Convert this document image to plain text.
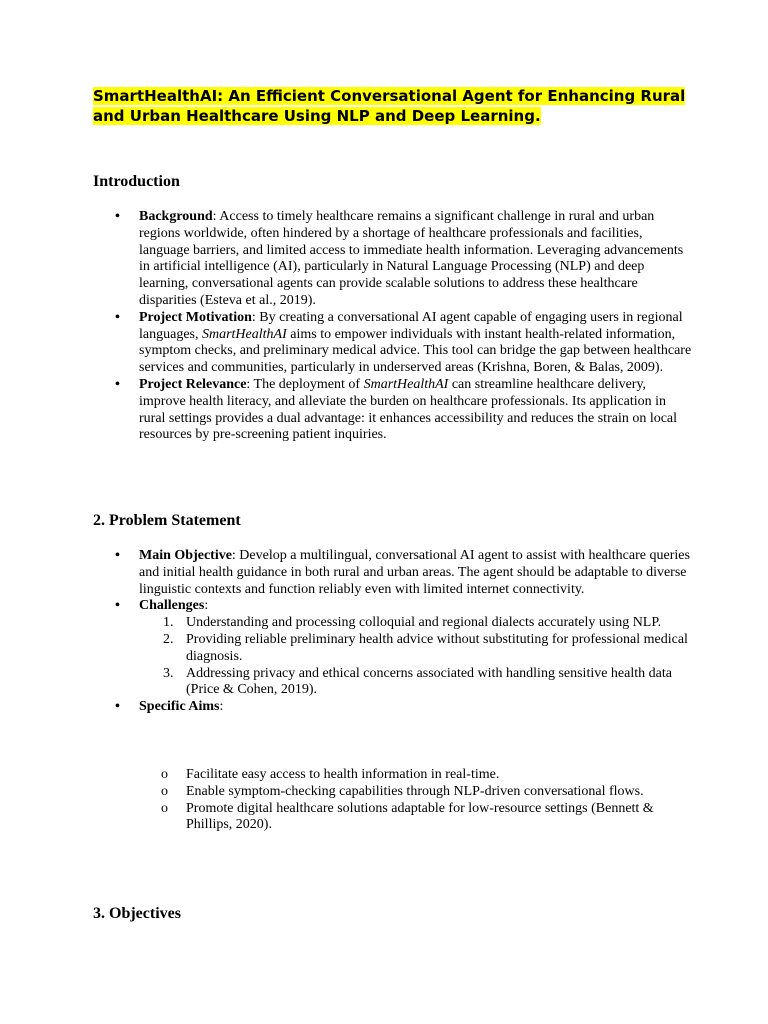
SmartHealthAI: An Efficient Conversational Agent for Enhancing Rural and Urban Healthcare Using NLP and Deep Learning.

Introduction
• Background: Access to timely healthcare remains a significant challenge in rural and urban regions worldwide, often hindered by a shortage of healthcare professionals and facilities, language barriers, and limited access to immediate health information. Leveraging advancements in artificial intelligence (AI), particularly in Natural Language Processing (NLP) and deep learning, conversational agents can provide scalable solutions to address these healthcare disparities (Esteva et al., 2019).
• Project Motivation: By creating a conversational AI agent capable of engaging users in regional languages, SmartHealthAI aims to empower individuals with instant health-related information, symptom checks, and preliminary medical advice. This tool can bridge the gap between healthcare services and communities, particularly in underserved areas (Krishna, Boren, & Balas, 2009).
• Project Relevance: The deployment of SmartHealthAI can streamline healthcare delivery, improve health literacy, and alleviate the burden on healthcare professionals. Its application in rural settings provides a dual advantage: it enhances accessibility and reduces the strain on local resources by pre-screening patient inquiries.
2. Problem Statement
• Main Objective: Develop a multilingual, conversational AI agent to assist with healthcare queries and initial health guidance in both rural and urban areas. The agent should be adaptable to diverse linguistic contexts and function reliably even with limited internet connectivity.
• Challenges:
1. Understanding and processing colloquial and regional dialects accurately using NLP.
2. Providing reliable preliminary health advice without substituting for professional medical diagnosis.
3. Addressing privacy and ethical concerns associated with handling sensitive health data (Price & Cohen, 2019).
• Specific Aims:
o Facilitate easy access to health information in real-time.
o Enable symptom-checking capabilities through NLP-driven conversational flows.
o Promote digital healthcare solutions adaptable for low-resource settings (Bennett & Phillips, 2020).
3. Objectives
